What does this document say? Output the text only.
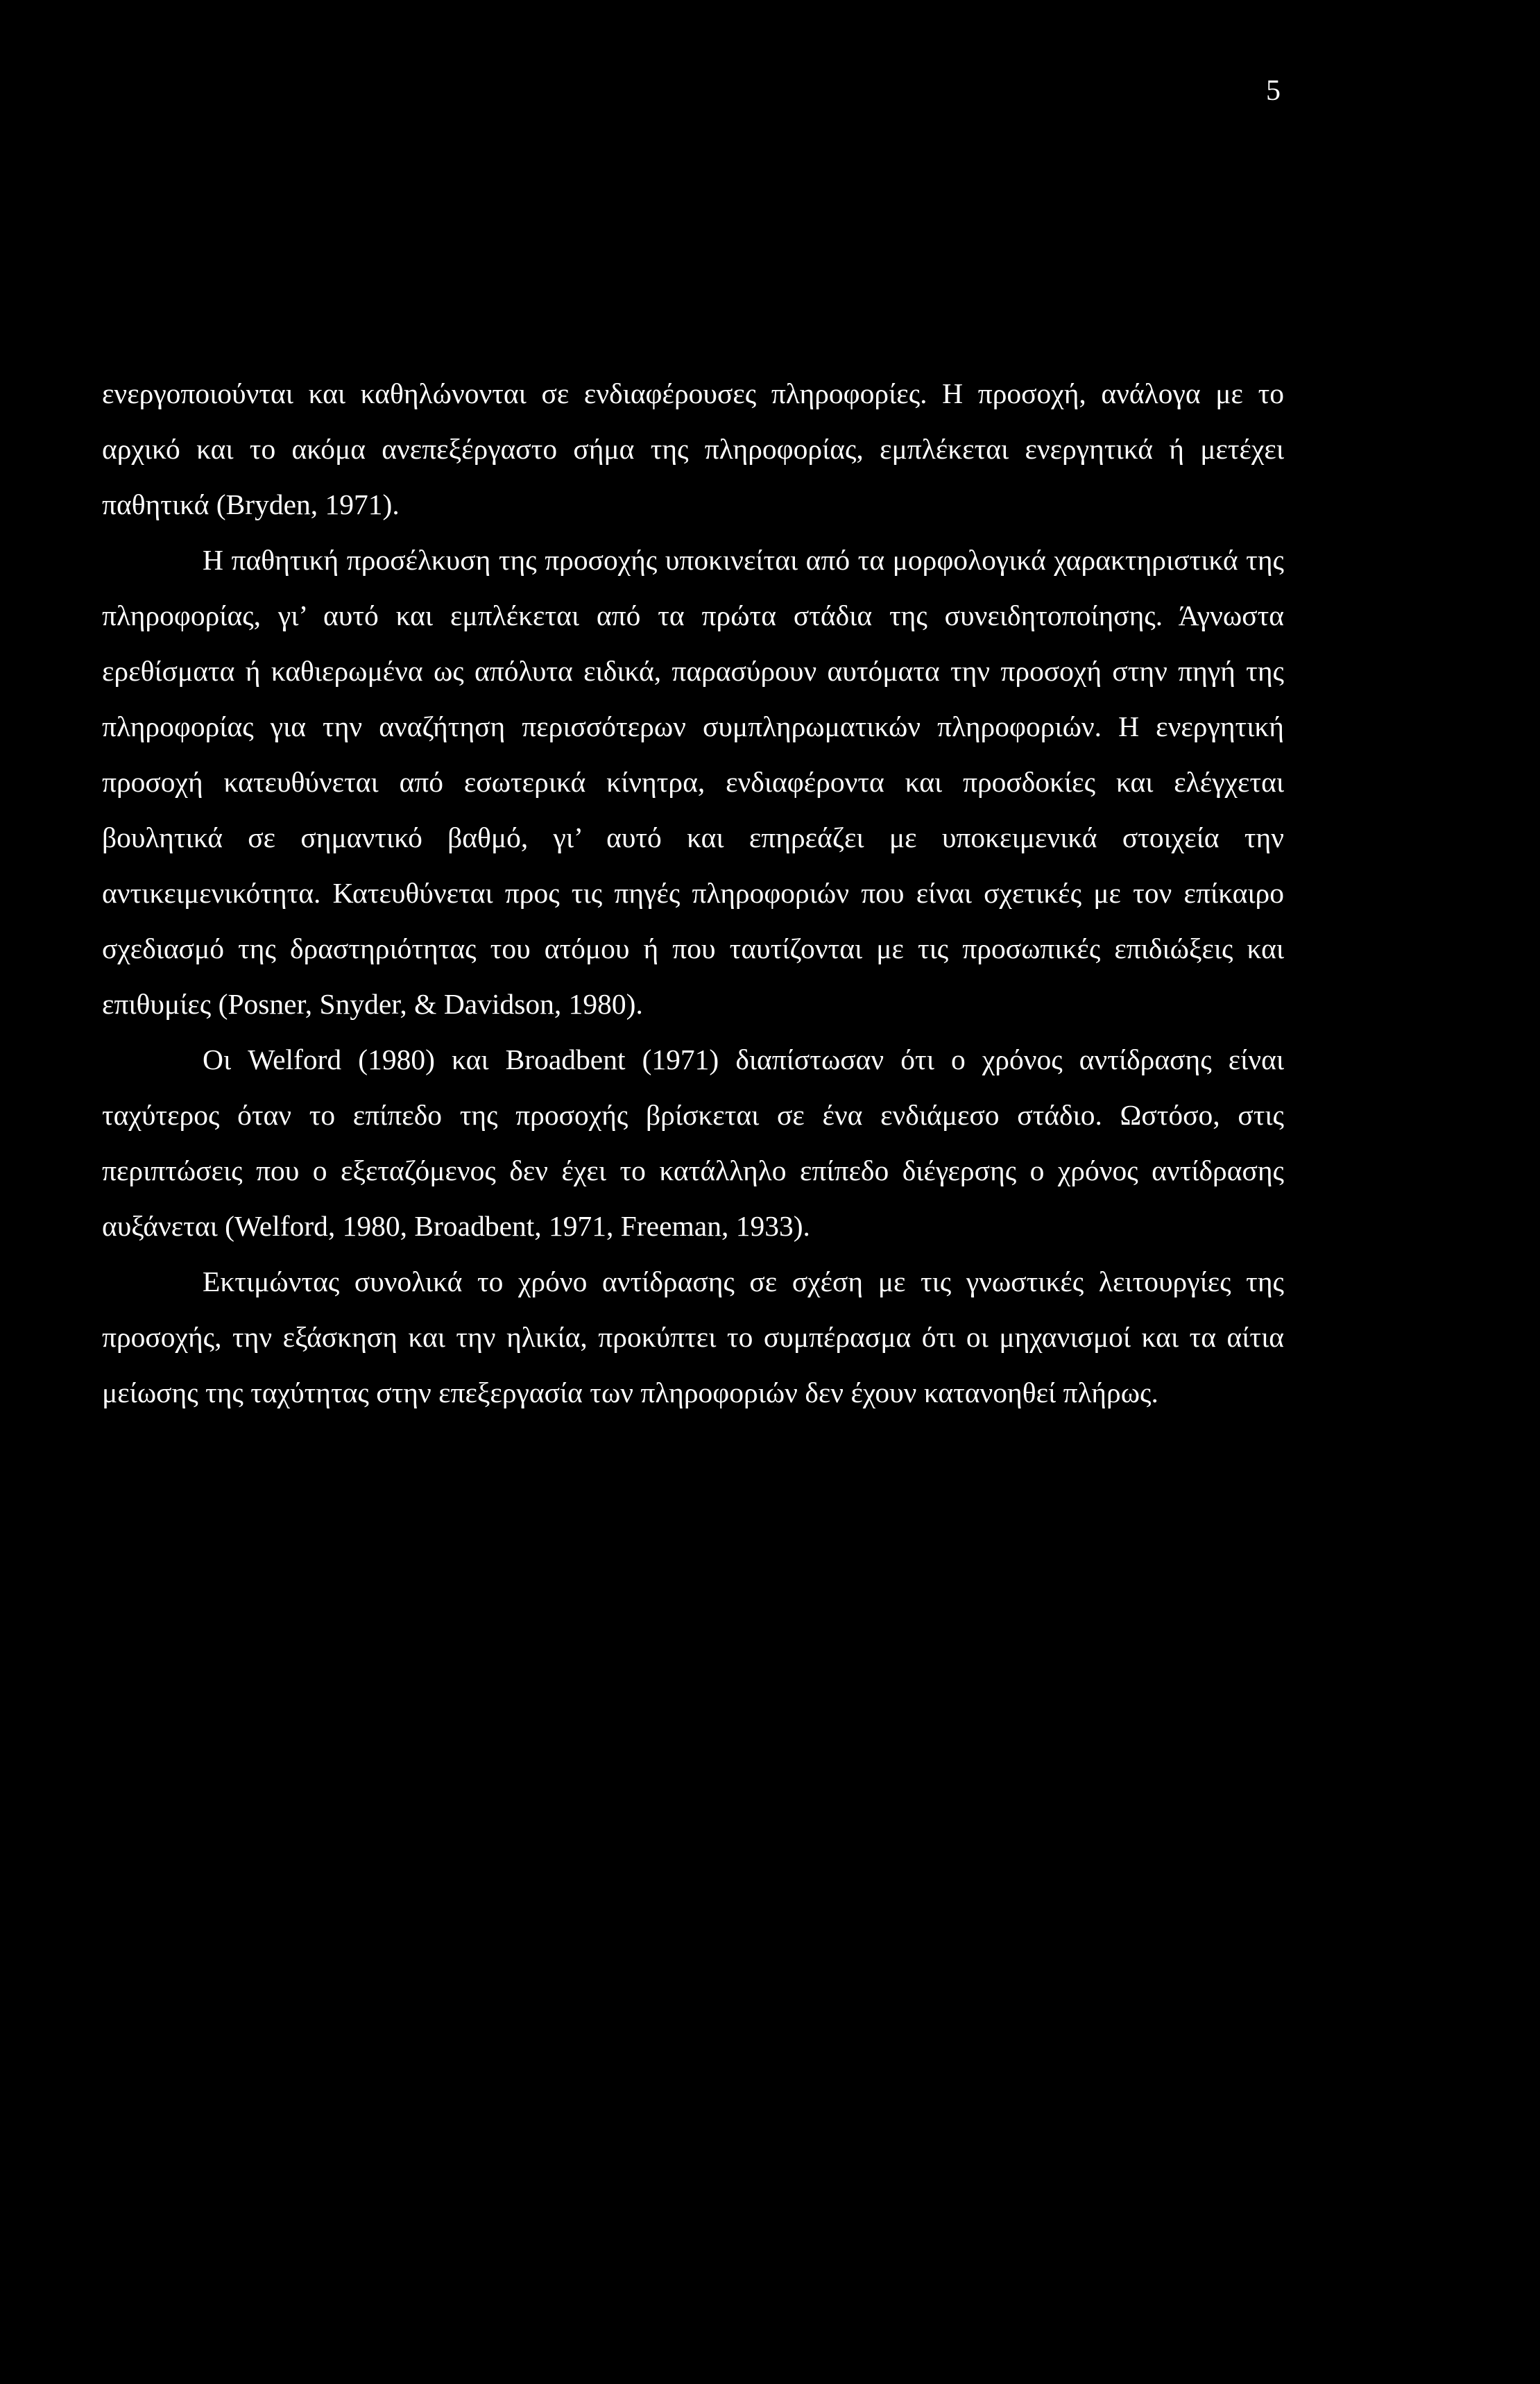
5

ενεργοποιούνται και καθηλώνονται σε ενδιαφέρουσες πληροφορίες. Η προσοχή, ανάλογα με το αρχικό και το ακόμα ανεπεξέργαστο σήμα της πληροφορίας, εμπλέκεται ενεργητικά ή μετέχει παθητικά (Bryden, 1971).

Η παθητική προσέλκυση της προσοχής υποκινείται από τα μορφολογικά χαρακτηριστικά της πληροφορίας, γι’ αυτό και εμπλέκεται από τα πρώτα στάδια της συνειδητοποίησης. Άγνωστα ερεθίσματα ή καθιερωμένα ως απόλυτα ειδικά, παρασύρουν αυτόματα την προσοχή στην πηγή της πληροφορίας για την αναζήτηση περισσότερων συμπληρωματικών πληροφοριών. Η ενεργητική προσοχή κατευθύνεται από εσωτερικά κίνητρα, ενδιαφέροντα και προσδοκίες και ελέγχεται βουλητικά σε σημαντικό βαθμό, γι’ αυτό και επηρεάζει με υποκειμενικά στοιχεία την αντικειμενικότητα. Κατευθύνεται προς τις πηγές πληροφοριών που είναι σχετικές με τον επίκαιρο σχεδιασμό της δραστηριότητας του ατόμου ή που ταυτίζονται με τις προσωπικές επιδιώξεις και επιθυμίες (Posner, Snyder, & Davidson, 1980).

Οι Welford (1980) και Broadbent (1971) διαπίστωσαν ότι ο χρόνος αντίδρασης είναι ταχύτερος όταν το επίπεδο της προσοχής βρίσκεται σε ένα ενδιάμεσο στάδιο. Ωστόσο, στις περιπτώσεις που ο εξεταζόμενος δεν έχει το κατάλληλο επίπεδο διέγερσης ο χρόνος αντίδρασης αυξάνεται (Welford, 1980, Broadbent, 1971, Freeman, 1933).

Εκτιμώντας συνολικά το χρόνο αντίδρασης σε σχέση με τις γνωστικές λειτουργίες της προσοχής, την εξάσκηση και την ηλικία, προκύπτει το συμπέρασμα ότι οι μηχανισμοί και τα αίτια μείωσης της ταχύτητας στην επεξεργασία των πληροφοριών δεν έχουν κατανοηθεί πλήρως.
